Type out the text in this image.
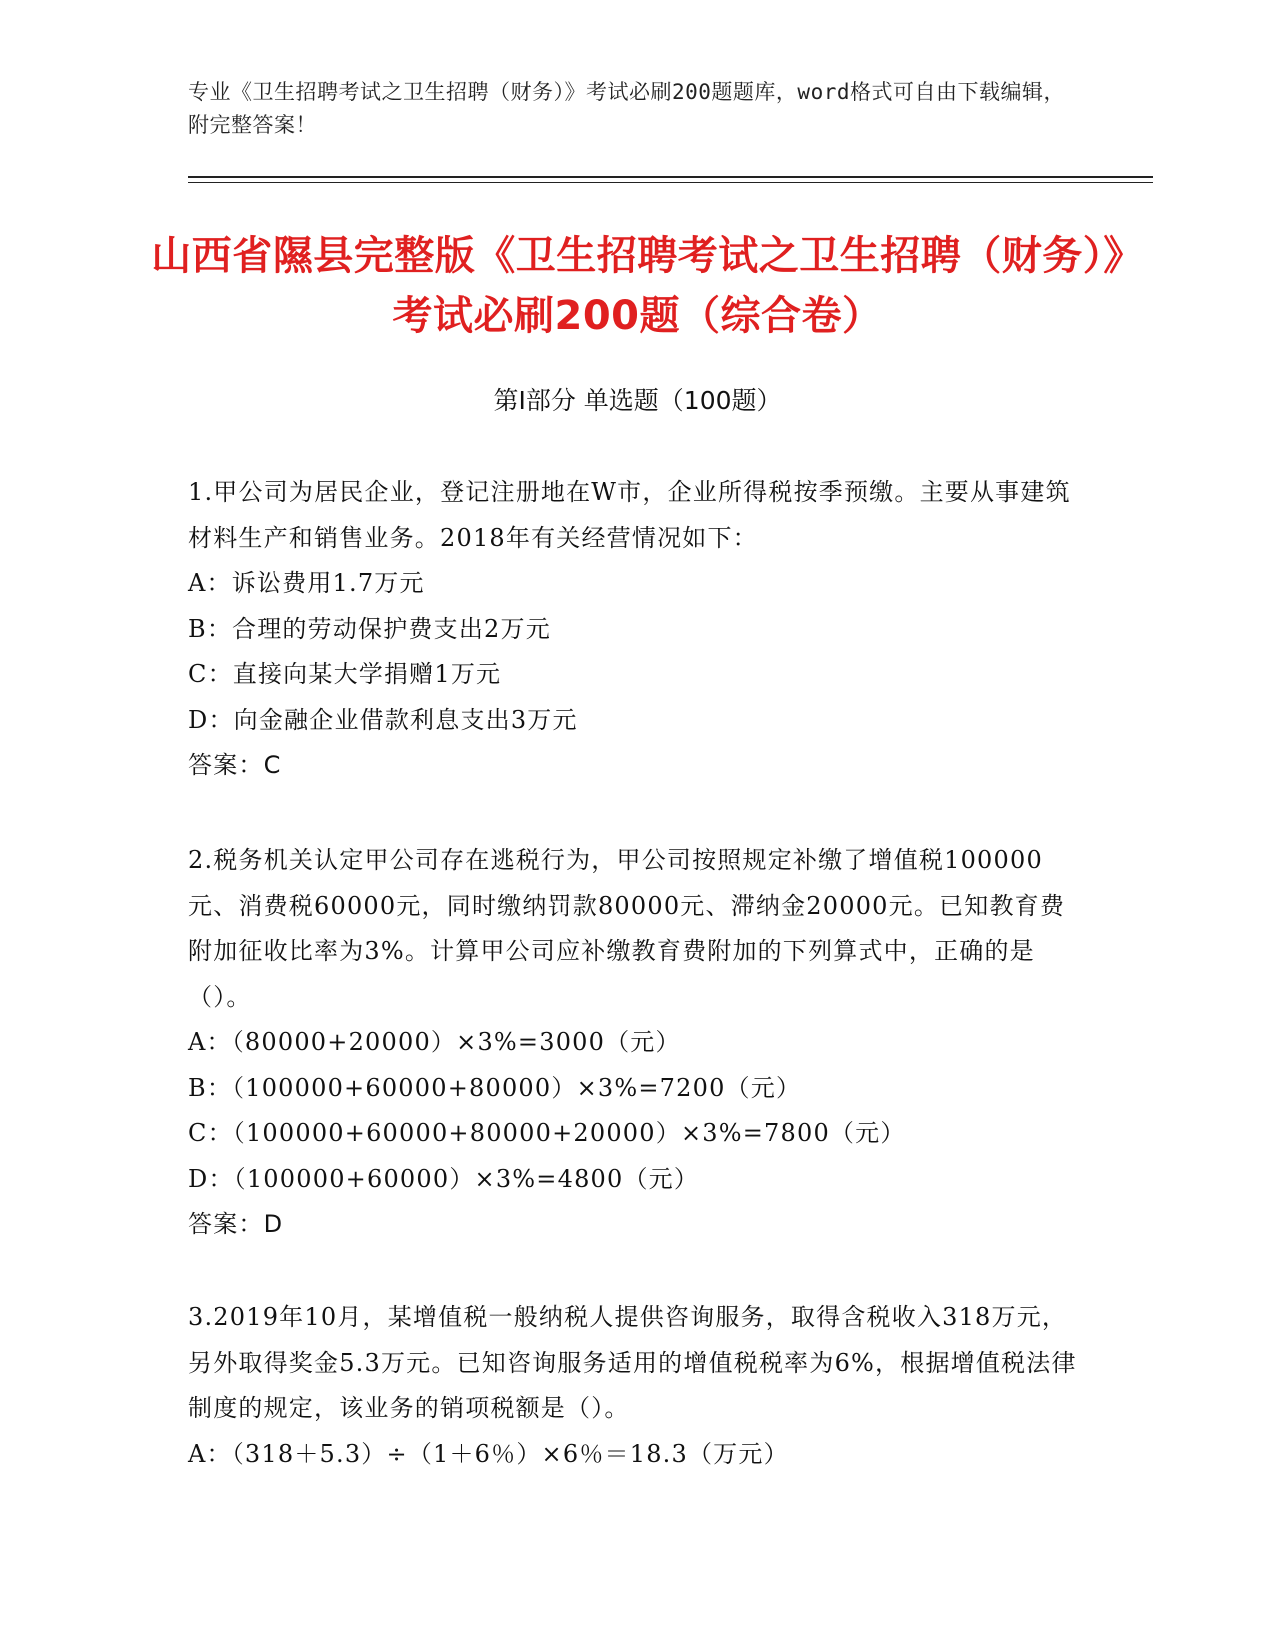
专业《卫生招聘考试之卫生招聘（财务）》考试必刷200题题库，word格式可自由下载编辑，附完整答案！
山西省隰县完整版《卫生招聘考试之卫生招聘（财务）》考试必刷200题（综合卷）
第Ⅰ部分 单选题（100题）
1.甲公司为居民企业，登记注册地在W市，企业所得税按季预缴。主要从事建筑材料生产和销售业务。2018年有关经营情况如下：
A：诉讼费用1.7万元
B：合理的劳动保护费支出2万元
C：直接向某大学捐赠1万元
D：向金融企业借款利息支出3万元
答案：C
2.税务机关认定甲公司存在逃税行为，甲公司按照规定补缴了增值税100000元、消费税60000元，同时缴纳罚款80000元、滞纳金20000元。已知教育费附加征收比率为3%。计算甲公司应补缴教育费附加的下列算式中，正确的是（）。
A：（80000+20000）×3%=3000（元）
B：（100000+60000+80000）×3%=7200（元）
C：（100000+60000+80000+20000）×3%=7800（元）
D：（100000+60000）×3%=4800（元）
答案：D
3.2019年10月，某增值税一般纳税人提供咨询服务，取得含税收入318万元，另外取得奖金5.3万元。已知咨询服务适用的增值税税率为6%，根据增值税法律制度的规定，该业务的销项税额是（）。
A：（318＋5.3）÷（1＋6％）×6％＝18.3（万元）
